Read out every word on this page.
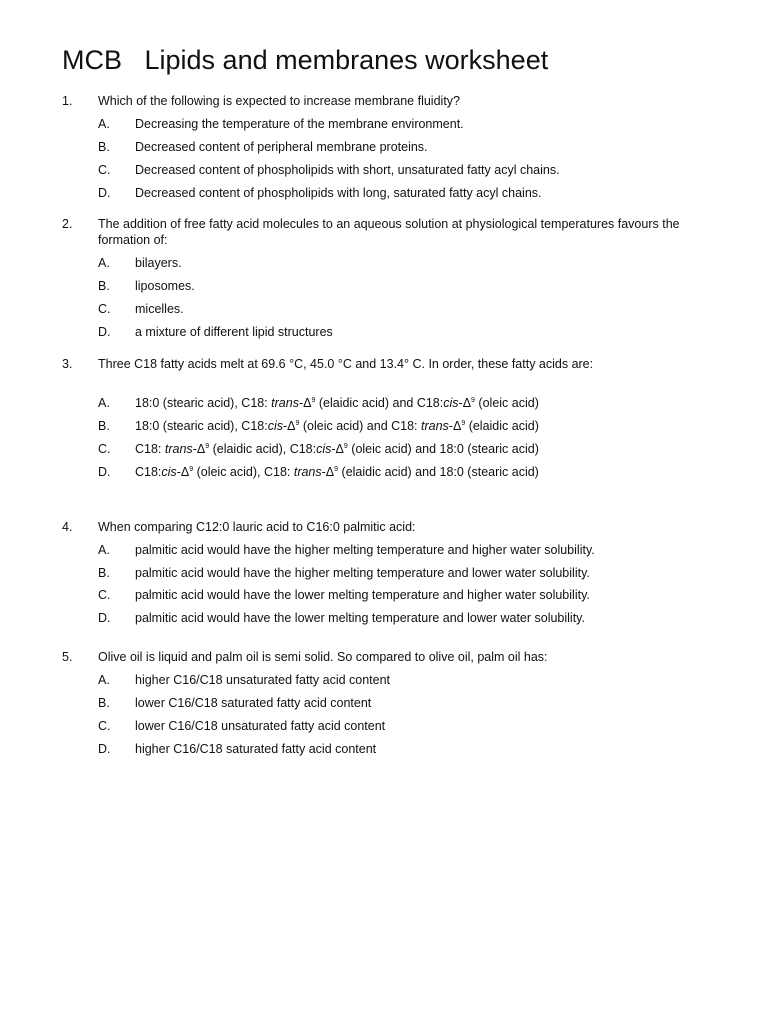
MCB   Lipids and membranes worksheet
1. Which of the following is expected to increase membrane fluidity?
A. Decreasing the temperature of the membrane environment.
B. Decreased content of peripheral membrane proteins.
C. Decreased content of phospholipids with short, unsaturated fatty acyl chains.
D. Decreased content of phospholipids with long, saturated fatty acyl chains.
2. The addition of free fatty acid molecules to an aqueous solution at physiological temperatures favours the formation of:
A. bilayers.
B. liposomes.
C. micelles.
D. a mixture of different lipid structures
3. Three C18 fatty acids melt at 69.6 °C, 45.0 °C and 13.4° C. In order, these fatty acids are:
A. 18:0 (stearic acid), C18: trans-$\Delta^9$ (elaidic acid) and $C18:cis-\Delta^9$ (oleic acid)
B. 18:0 (stearic acid), $C18:cis-\Delta^9$ (oleic acid) and C18: trans-$\Delta^9$ (elaidic acid)
C. C18: trans-$\Delta^9$ (elaidic acid), $C18:cis-\Delta^9$ (oleic acid) and 18:0 (stearic acid)
D. $C18:cis-\Delta^9$ (oleic acid), C18: trans-$\Delta^9$ (elaidic acid) and 18:0 (stearic acid)
4. When comparing C12:0 lauric acid to C16:0 palmitic acid:
A. palmitic acid would have the higher melting temperature and higher water solubility.
B. palmitic acid would have the higher melting temperature and lower water solubility.
C. palmitic acid would have the lower melting temperature and higher water solubility.
D. palmitic acid would have the lower melting temperature and lower water solubility.
5. Olive oil is liquid and palm oil is semi solid. So compared to olive oil, palm oil has:
A. higher C16/C18 unsaturated fatty acid content
B. lower C16/C18 saturated fatty acid content
C. lower C16/C18 unsaturated fatty acid content
D. higher C16/C18 saturated fatty acid content
